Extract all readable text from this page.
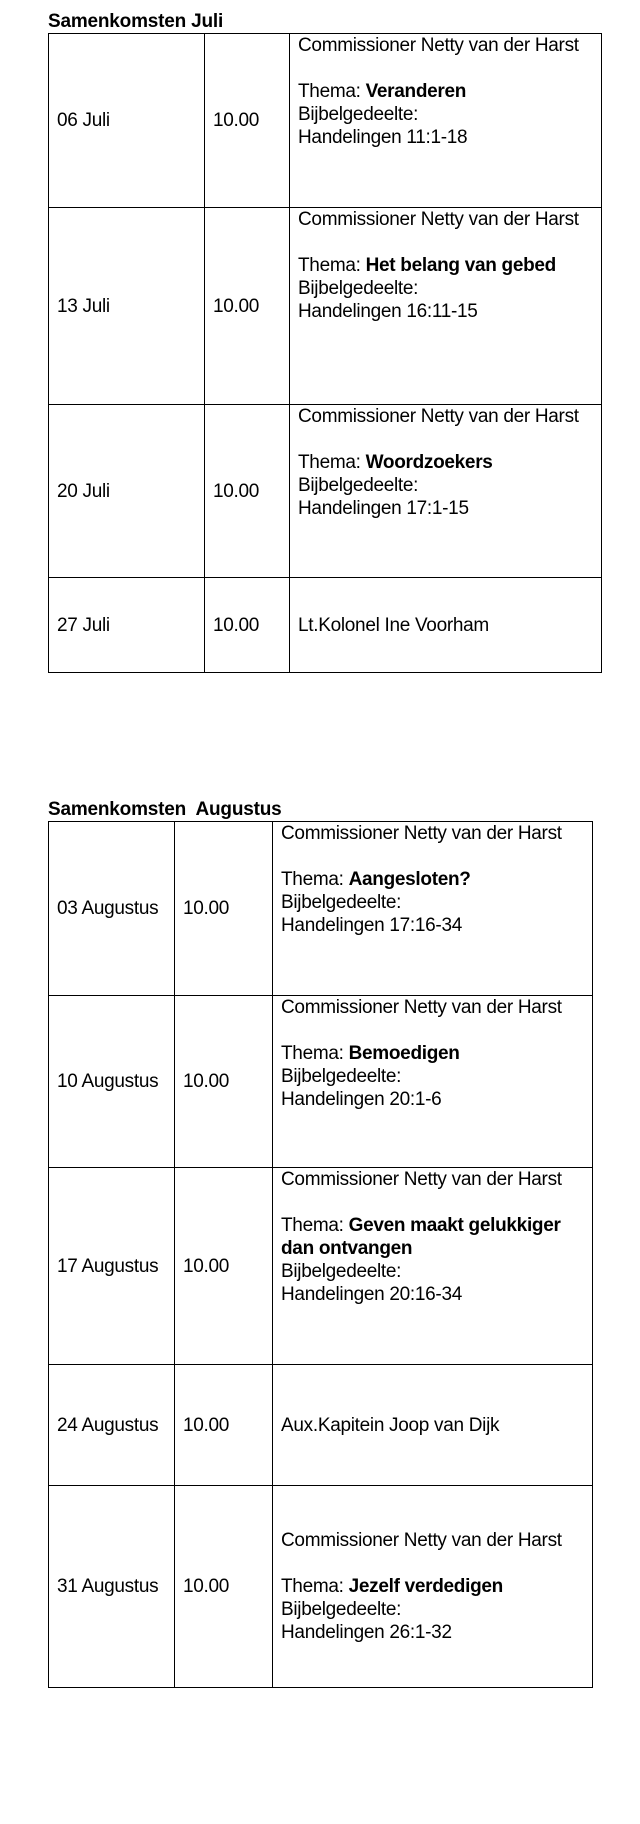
Samenkomsten Juli
06 Juli	10.00	Commissioner Netty van der Harst
Thema: Veranderen
Bijbelgedeelte:
Handelingen 11:1-18

13 Juli	10.00	Commissioner Netty van der Harst
Thema: Het belang van gebed
Bijbelgedeelte:
Handelingen 16:11-15

20 Juli	10.00	Commissioner Netty van der Harst
Thema: Woordzoekers
Bijbelgedeelte:
Handelingen 17:1-15

27 Juli	10.00	Lt.Kolonel Ine Voorham
Samenkomsten  Augustus
03 Augustus	10.00	Commissioner Netty van der Harst
Thema: Aangesloten?
Bijbelgedeelte:
Handelingen 17:16-34

10 Augustus	10.00	Commissioner Netty van der Harst
Thema: Bemoedigen
Bijbelgedeelte:
Handelingen 20:1-6

17 Augustus	10.00	Commissioner Netty van der Harst
Thema: Geven maakt gelukkiger dan ontvangen
Bijbelgedeelte:
Handelingen 20:16-34

24 Augustus	10.00	Aux.Kapitein Joop van Dijk

31 Augustus	10.00	Commissioner Netty van der Harst
Thema: Jezelf verdedigen
Bijbelgedeelte:
Handelingen 26:1-32
